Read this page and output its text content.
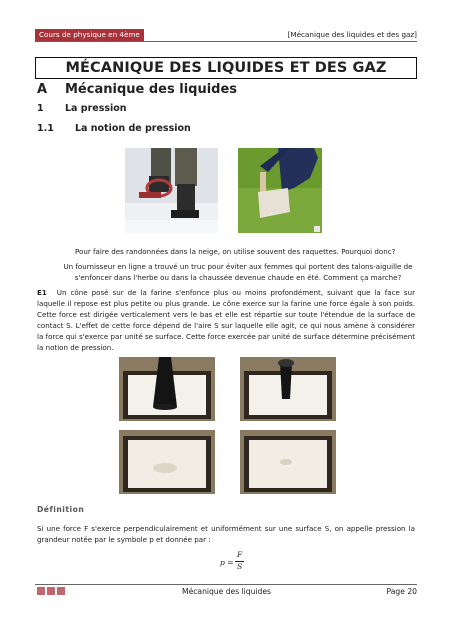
Cours de physique en 4ème	[Mécanique des liquides et des gaz]
MÉCANIQUE DES LIQUIDES ET DES GAZ
A Mécanique des liquides
1 La pression
1.1 La notion de pression
Pour faire des randonnées dans la neige, on utilise souvent des raquettes. Pourquoi donc?
Un fournisseur en ligne a trouvé un truc pour éviter aux femmes qui portent des talons-aiguille de
s'enfoncer dans l'herbe ou dans la chaussée devenue chaude en été. Comment ça marche?
E1 Un cône posé sur de la farine s'enfonce plus ou moins profondément, suivant que la face sur laquelle il repose est plus petite ou plus grande. Le cône exerce sur la farine une force égale à son poids. Cette force est dirigée verticalement vers le bas et elle est répartie sur toute l'étendue de la surface de contact S. L'effet de cette force dépend de l'aire S sur laquelle elle agit, ce qui nous amène à considérer la force qui s'exerce par unité se surface. Cette force exercée par unité de surface détermine précisément la notion de pression.
Définition
Si une force F s'exerce perpendiculairement et uniformément sur une surface S, on appelle pression la grandeur notée par le symbole p et donnée par :
p =
F
S
Mécanique des liquides	Page 20
